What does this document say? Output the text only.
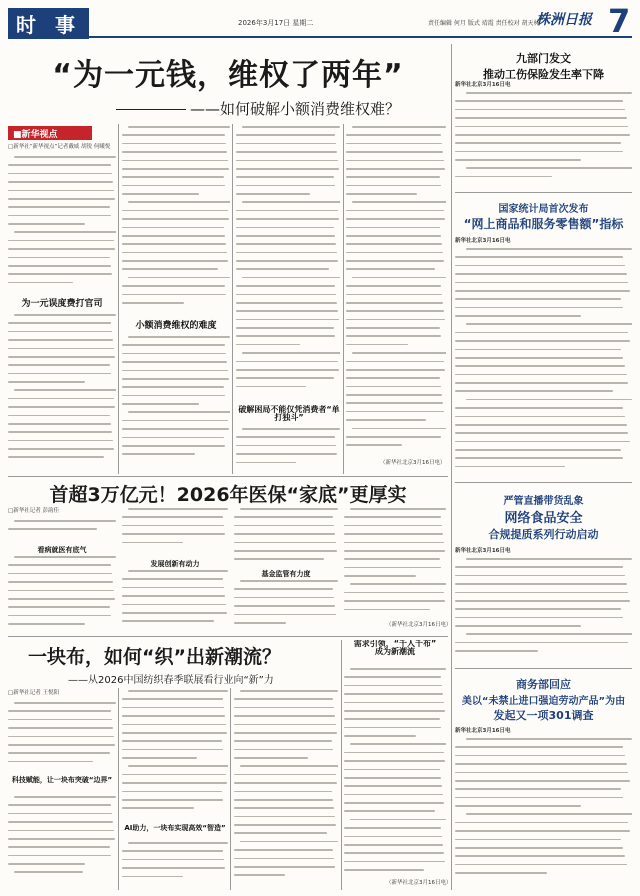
时 事	2026年3月17日 星期二	责任编辑 何月 版式 靖霞 责任校对 胡天林
株洲日报 7
“为一元钱，维权了两年”
——如何破解小额消费维权难？
■新华视点
□新华社“新华视点”记者戴威 胡锐 何曦悦
为一元误度费打官司
小额消费维权的难度
破解困局不能仅凭消费者“单打独斗”
（新华社北京3月16日电）
首超3万亿元！2026年医保“家底”更厚实
□新华社记者 彭韵佳
看病就医有底气
发展创新有动力
基金监管有力度
（新华社北京3月16日电）
一块布，如何“织”出新潮流？
——从2026中国纺织春季联展看行业向“新”力
□新华社记者 王悦阳
科技赋能，让一块布突破“边界”
AI助力，一块布实现高效“智造”
需求引领，“千人千布”
成为新潮流
（新华社北京3月16日电）
九部门发文
推动工伤保险发生率下降
新华社北京3月16日电
国家统计局首次发布
“网上商品和服务零售额”指标
新华社北京3月16日电
严管直播带货乱象
网络食品安全
合规提质系列行动启动
新华社北京3月16日电
商务部回应
美以“未禁止进口强迫劳动产品”为由
发起又一项301调查
新华社北京3月16日电
